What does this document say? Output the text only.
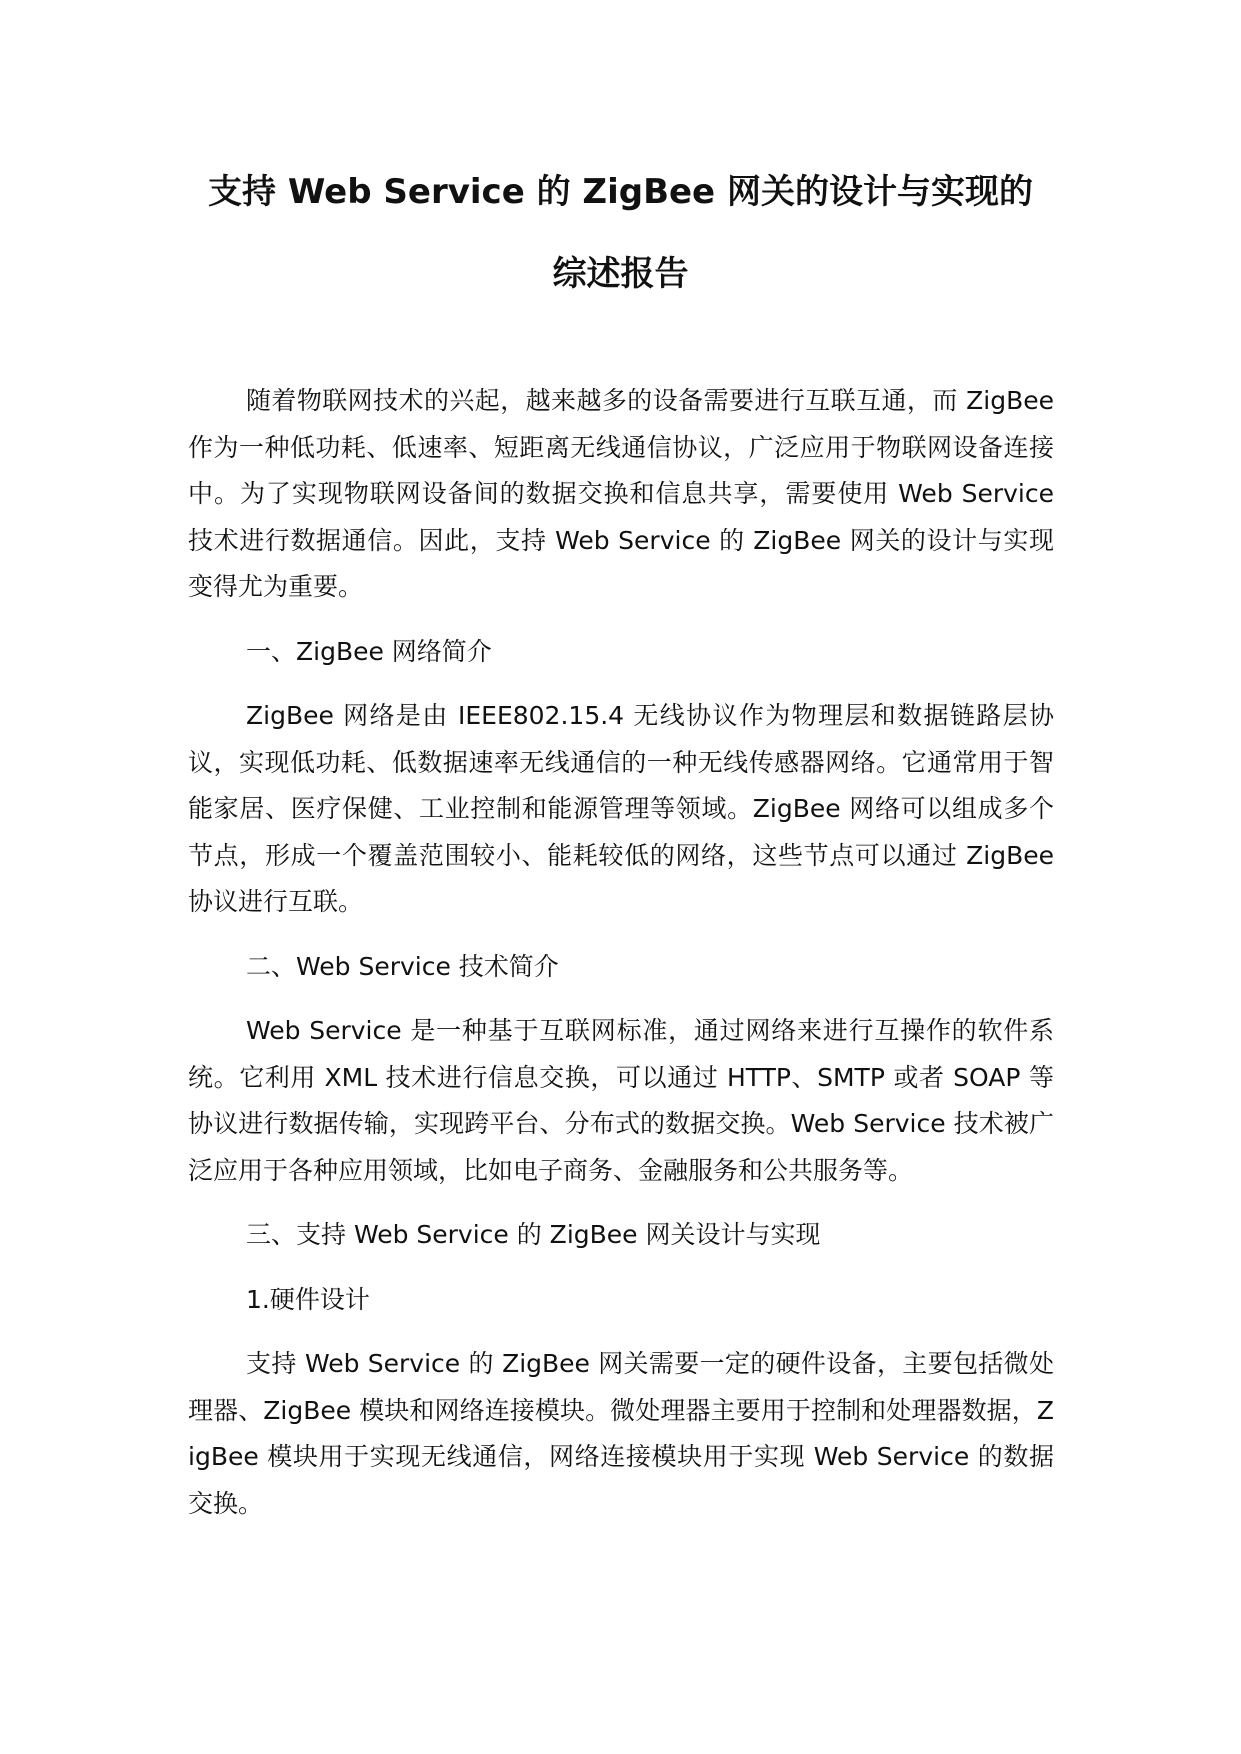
支持 Web Service 的 ZigBee 网关的设计与实现的

综述报告

随着物联网技术的兴起，越来越多的设备需要进行互联互通，而 ZigBee 作为一种低功耗、低速率、短距离无线通信协议，广泛应用于物联网设备连接中。为了实现物联网设备间的数据交换和信息共享，需要使用 Web Service 技术进行数据通信。因此，支持 Web Service 的 ZigBee 网关的设计与实现变得尤为重要。

一、ZigBee 网络简介

ZigBee 网络是由 IEEE802.15.4 无线协议作为物理层和数据链路层协议，实现低功耗、低数据速率无线通信的一种无线传感器网络。它通常用于智能家居、医疗保健、工业控制和能源管理等领域。ZigBee 网络可以组成多个节点，形成一个覆盖范围较小、能耗较低的网络，这些节点可以通过 ZigBee 协议进行互联。

二、Web Service 技术简介

Web Service 是一种基于互联网标准，通过网络来进行互操作的软件系统。它利用 XML 技术进行信息交换，可以通过 HTTP、SMTP 或者 SOAP 等协议进行数据传输，实现跨平台、分布式的数据交换。Web Service 技术被广泛应用于各种应用领域，比如电子商务、金融服务和公共服务等。

三、支持 Web Service 的 ZigBee 网关设计与实现

1.硬件设计

支持 Web Service 的 ZigBee 网关需要一定的硬件设备，主要包括微处理器、ZigBee 模块和网络连接模块。微处理器主要用于控制和处理器数据，ZigBee 模块用于实现无线通信，网络连接模块用于实现 Web Service 的数据交换。
